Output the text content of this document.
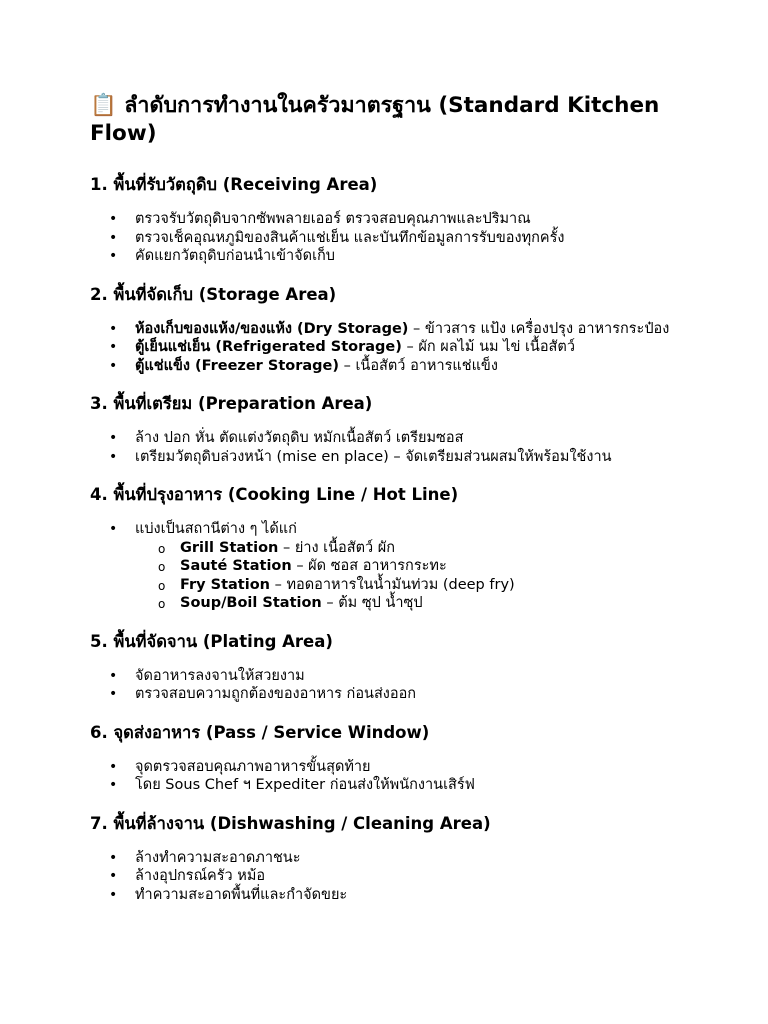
📋 ลำดับการทำงานในครัวมาตรฐาน (Standard Kitchen Flow)
1. พื้นที่รับวัตถุดิบ (Receiving Area)
• ตรวจรับวัตถุดิบจากซัพพลายเออร์ ตรวจสอบคุณภาพและปริมาณ
• ตรวจเช็คอุณหภูมิของสินค้าแช่เย็น และบันทึกข้อมูลการรับของทุกครั้ง
• คัดแยกวัตถุดิบก่อนนำเข้าจัดเก็บ
2. พื้นที่จัดเก็บ (Storage Area)
• ห้องเก็บของแห้ง/ของแห้ง (Dry Storage) – ข้าวสาร แป้ง เครื่องปรุง อาหารกระป๋อง
• ตู้เย็นแช่เย็น (Refrigerated Storage) – ผัก ผลไม้ นม ไข่ เนื้อสัตว์
• ตู้แช่แข็ง (Freezer Storage) – เนื้อสัตว์ อาหารแช่แข็ง
3. พื้นที่เตรียม (Preparation Area)
• ล้าง ปอก หั่น ตัดแต่งวัตถุดิบ หมักเนื้อสัตว์ เตรียมซอส
• เตรียมวัตถุดิบล่วงหน้า (mise en place) – จัดเตรียมส่วนผสมให้พร้อมใช้งาน
4. พื้นที่ปรุงอาหาร (Cooking Line / Hot Line)
• แบ่งเป็นสถานีต่าง ๆ ได้แก่
o Grill Station – ย่าง เนื้อสัตว์ ผัก
o Sauté Station – ผัด ซอส อาหารกระทะ
o Fry Station – ทอดอาหารในน้ำมันท่วม (deep fry)
o Soup/Boil Station – ต้ม ซุป น้ำซุป
5. พื้นที่จัดจาน (Plating Area)
• จัดอาหารลงจานให้สวยงาม
• ตรวจสอบความถูกต้องของอาหาร ก่อนส่งออก
6. จุดส่งอาหาร (Pass / Service Window)
• จุดตรวจสอบคุณภาพอาหารขั้นสุดท้าย
• โดย Sous Chef ฯ Expediter ก่อนส่งให้พนักงานเสิร์ฟ
7. พื้นที่ล้างจาน (Dishwashing / Cleaning Area)
• ล้างทำความสะอาดภาชนะ
• ล้างอุปกรณ์ครัว หม้อ
• ทำความสะอาดพื้นที่และกำจัดขยะ
